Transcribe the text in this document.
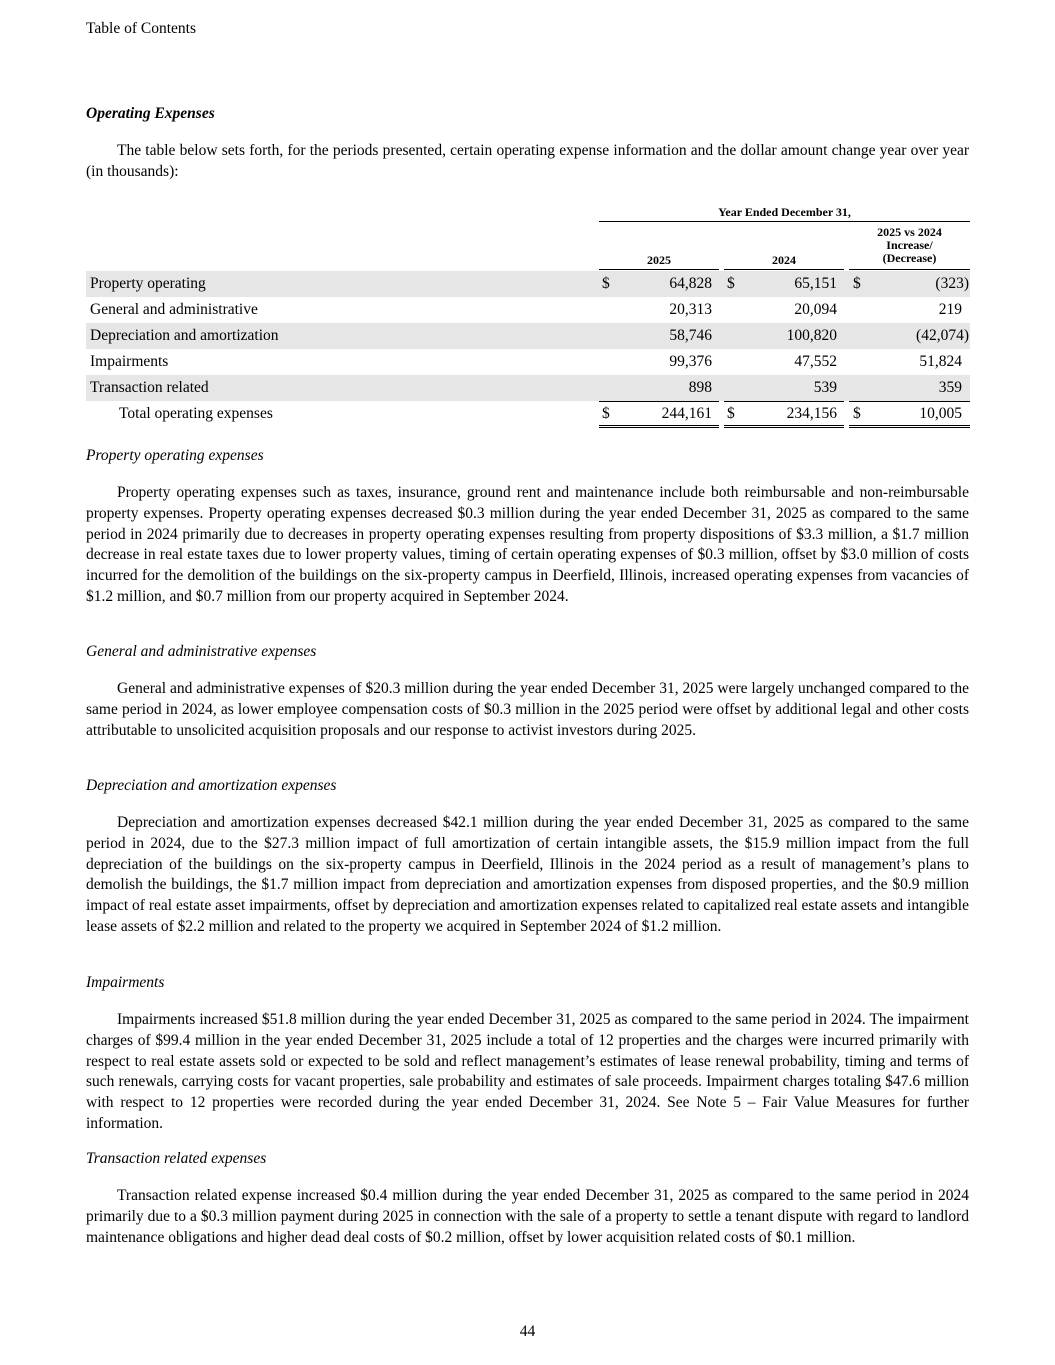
Table of Contents
Operating Expenses

The table below sets forth, for the periods presented, certain operating expense information and the dollar amount change year over year (in thousands):

Year Ended December 31,
2025	2024
2025 vs 2024
Increase/
(Decrease)
Property operating	$	64,828 $	65,151 $	(323)
General and administrative	20,313	20,094	219
Depreciation and amortization	58,746	100,820	(42,074)
Impairments	99,376	47,552	51,824
Transaction related	898	539	359
Total operating expenses	$	244,161 $	234,156 $	10,005
Property operating expenses

Property operating expenses such as taxes, insurance, ground rent and maintenance include both reimbursable and non-reimbursable property expenses. Property operating expenses decreased $0.3 million during the year ended December 31, 2025 as compared to the same period in 2024 primarily due to decreases in property operating expenses resulting from property dispositions of $3.3 million, a $1.7 million decrease in real estate taxes due to lower property values, timing of certain operating expenses of $0.3 million, offset by $3.0 million of costs incurred for the demolition of the buildings on the six-property campus in Deerfield, Illinois, increased operating expenses from vacancies of $1.2 million, and $0.7 million from our property acquired in September 2024.

General and administrative expenses

General and administrative expenses of $20.3 million during the year ended December 31, 2025 were largely unchanged compared to the same period in 2024, as lower employee compensation costs of $0.3 million in the 2025 period were offset by additional legal and other costs attributable to unsolicited acquisition proposals and our response to activist investors during 2025.

Depreciation and amortization expenses

Depreciation and amortization expenses decreased $42.1 million during the year ended December 31, 2025 as compared to the same period in 2024, due to the $27.3 million impact of full amortization of certain intangible assets, the $15.9 million impact from the full depreciation of the buildings on the six-property campus in Deerfield, Illinois in the 2024 period as a result of management’s plans to demolish the buildings, the $1.7 million impact from depreciation and amortization expenses from disposed properties, and the $0.9 million impact of real estate asset impairments, offset by depreciation and amortization expenses related to capitalized real estate assets and intangible lease assets of $2.2 million and related to the property we acquired in September 2024 of $1.2 million.

Impairments

Impairments increased $51.8 million during the year ended December 31, 2025 as compared to the same period in 2024. The impairment charges of $99.4 million in the year ended December 31, 2025 include a total of 12 properties and the charges were incurred primarily with respect to real estate assets sold or expected to be sold and reflect management’s estimates of lease renewal probability, timing and terms of such renewals, carrying costs for vacant properties, sale probability and estimates of sale proceeds. Impairment charges totaling $47.6 million with respect to 12 properties were recorded during the year ended December 31, 2024. See Note 5 – Fair Value Measures for further information.

Transaction related expenses

Transaction related expense increased $0.4 million during the year ended December 31, 2025 as compared to the same period in 2024 primarily due to a $0.3 million payment during 2025 in connection with the sale of a property to settle a tenant dispute with regard to landlord maintenance obligations and higher dead deal costs of $0.2 million, offset by lower acquisition related costs of $0.1 million.

44
